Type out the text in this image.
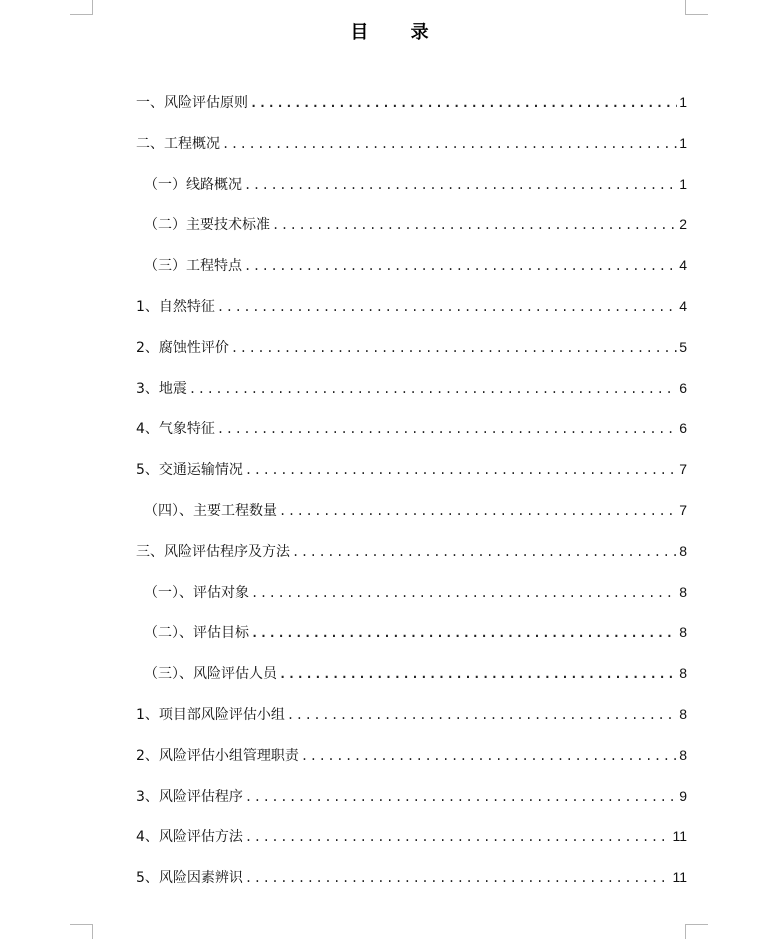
目 录
一、风险评估原则 .....	1
二、工程概况 .....	1
（一）线路概况 .....	1
（二）主要技术标准 .....	2
（三）工程特点 .....	4
1、自然特征 .....	4
2、腐蚀性评价 .....	5
3、地震 .....	6
4、气象特征 .....	6
5、交通运输情况 .....	7
（四）、主要工程数量 .....	7
三、风险评估程序及方法 .....	8
（一）、评估对象 .....	8
（二）、评估目标 .....	8
（三）、风险评估人员 .....	8
1、项目部风险评估小组 .....	8
2、风险评估小组管理职责 .....	8
3、风险评估程序 .....	9
4、风险评估方法 .....	11
5、风险因素辨识 .....	11
